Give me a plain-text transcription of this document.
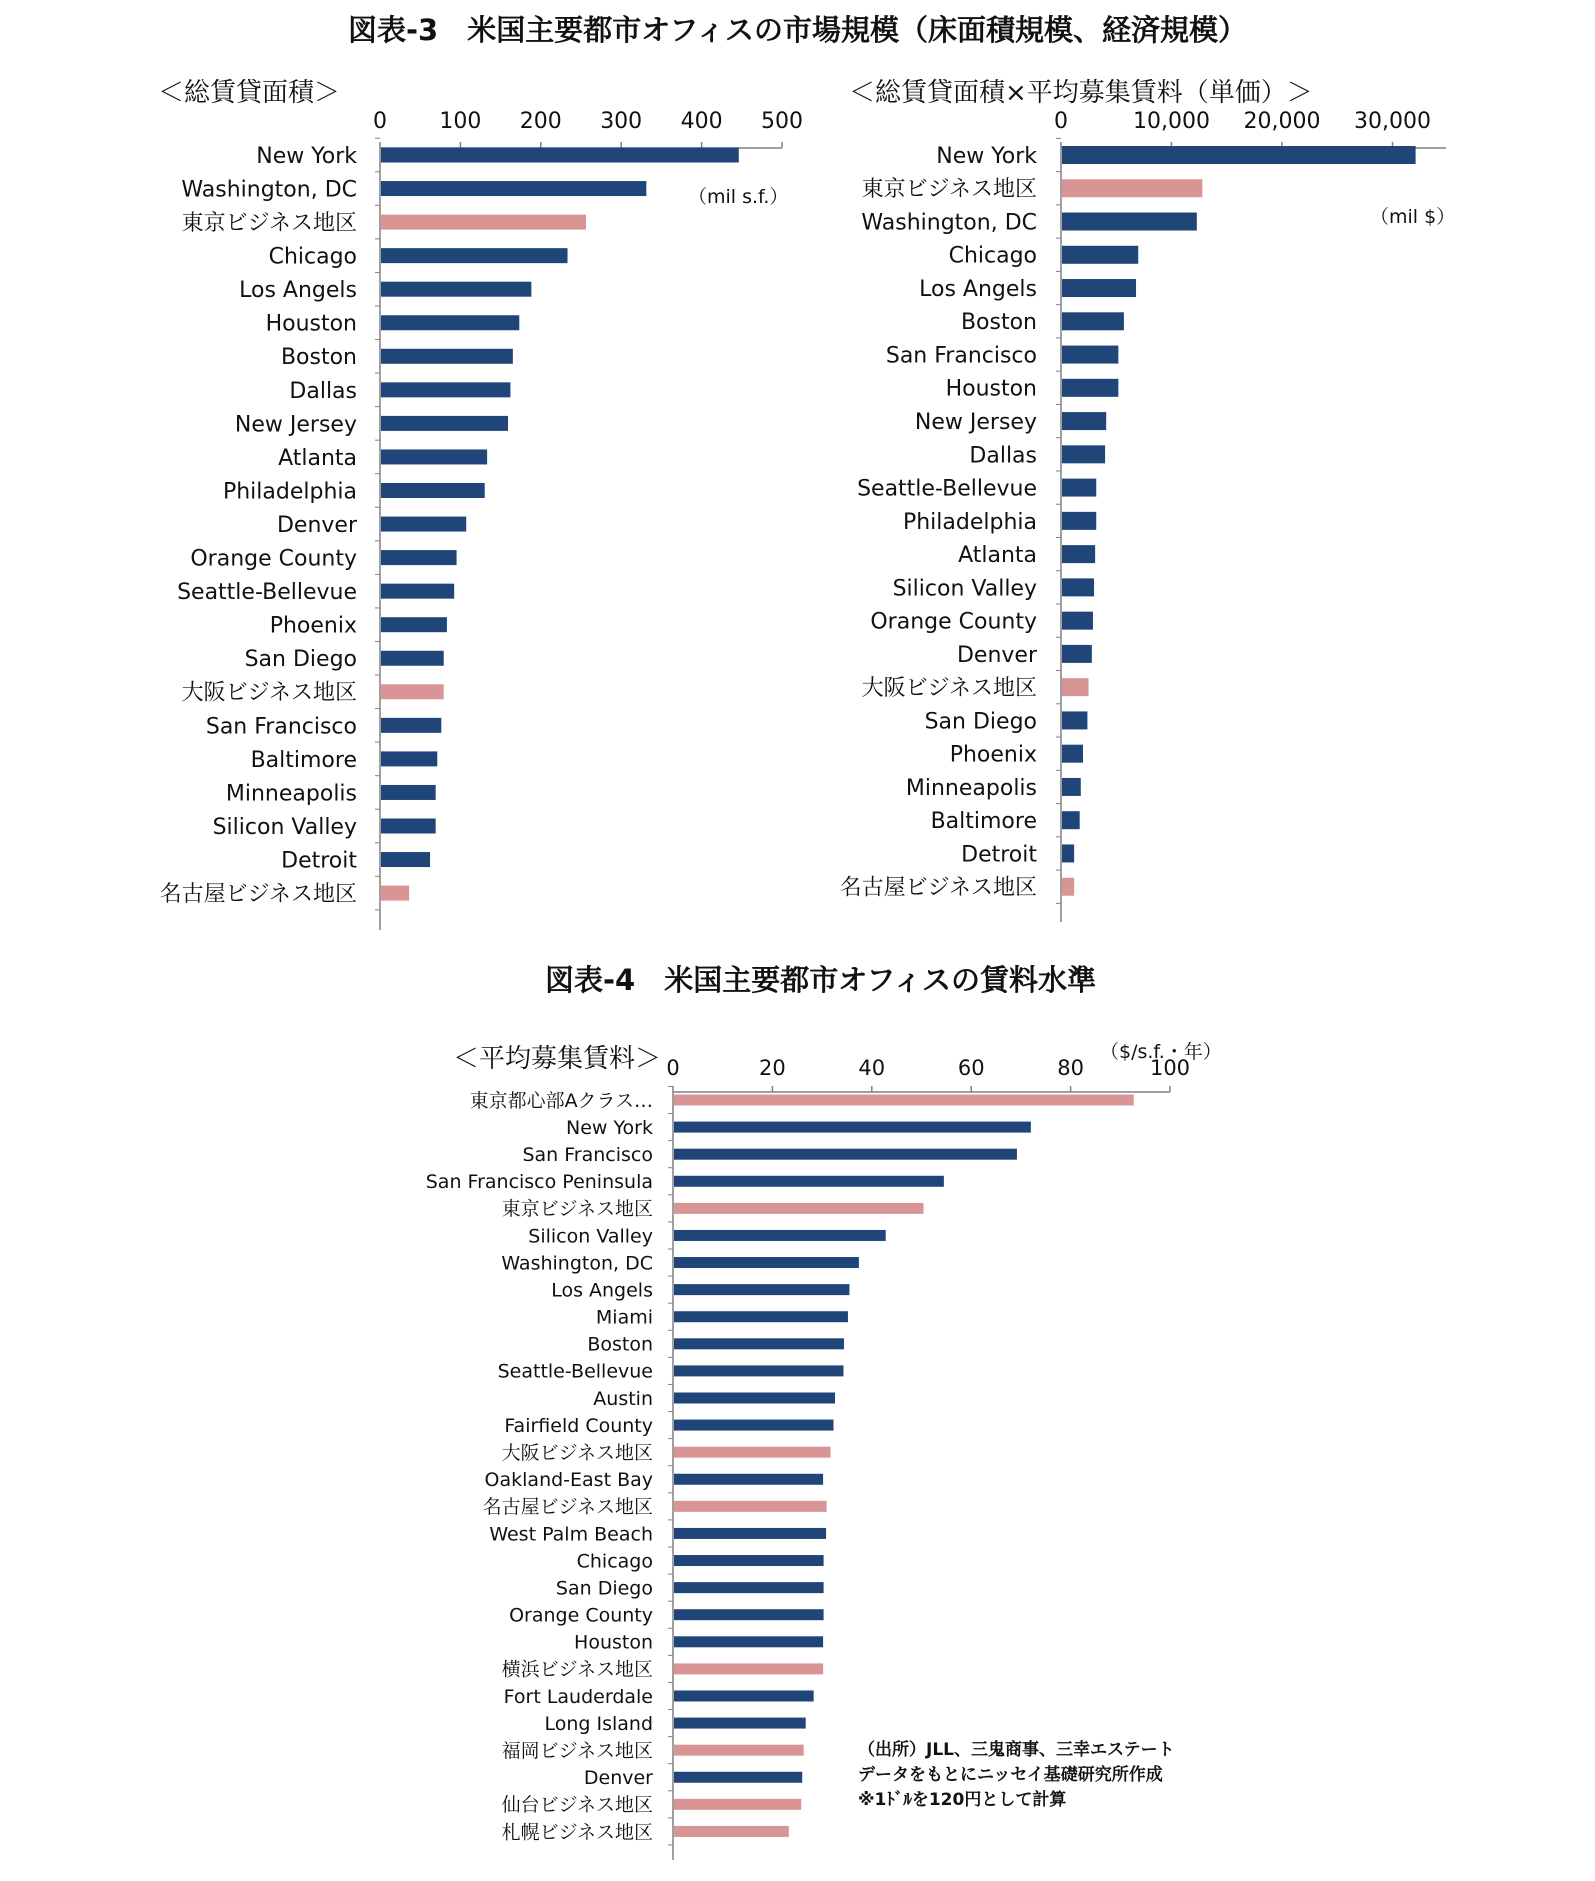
図表-3　米国主要都市オフィスの市場規模（床面積規模、経済規模）
＜総賃貸面積＞
（mil s.f.）
＜総賃貸面積×平均募集賃料（単価）＞
（mil $）
図表-4　米国主要都市オフィスの賃料水準
＜平均募集賃料＞	（$/s.f.・年）
（出所）JLL、三鬼商事、三幸エステート
データをもとにニッセイ基礎研究所作成
※1ﾄﾞﾙを120円として計算
0 100 200 300 400 500
New York
Washington, DC
東京ビジネス地区
Chicago
Los Angels
Houston
Boston
Dallas
New Jersey
Atlanta
Philadelphia
Denver
Orange County
Seattle-Bellevue
Phoenix
San Diego
大阪ビジネス地区
San Francisco
Baltimore
Minneapolis
Silicon Valley
Detroit
名古屋ビジネス地区
0	10,000 20,000 30,000
New York
東京ビジネス地区
Washington, DC
Chicago
Los Angels
Boston
San Francisco
Houston
New Jersey
Dallas
Seattle-Bellevue
Philadelphia
Atlanta
Silicon Valley
Orange County
Denver
大阪ビジネス地区
San Diego
Phoenix
Minneapolis
Baltimore
Detroit
名古屋ビジネス地区
0	20	40	60	80	100
東京都心部Aクラス…
New York
San Francisco
San Francisco Peninsula
東京ビジネス地区
Silicon Valley
Washington, DC
Los Angels
Miami
Boston
Seattle-Bellevue
Austin
Fairfield County
大阪ビジネス地区
Oakland-East Bay
名古屋ビジネス地区
West Palm Beach
Chicago
San Diego
Orange County
Houston
横浜ビジネス地区
Fort Lauderdale
Long Island
福岡ビジネス地区
Denver
仙台ビジネス地区
札幌ビジネス地区
